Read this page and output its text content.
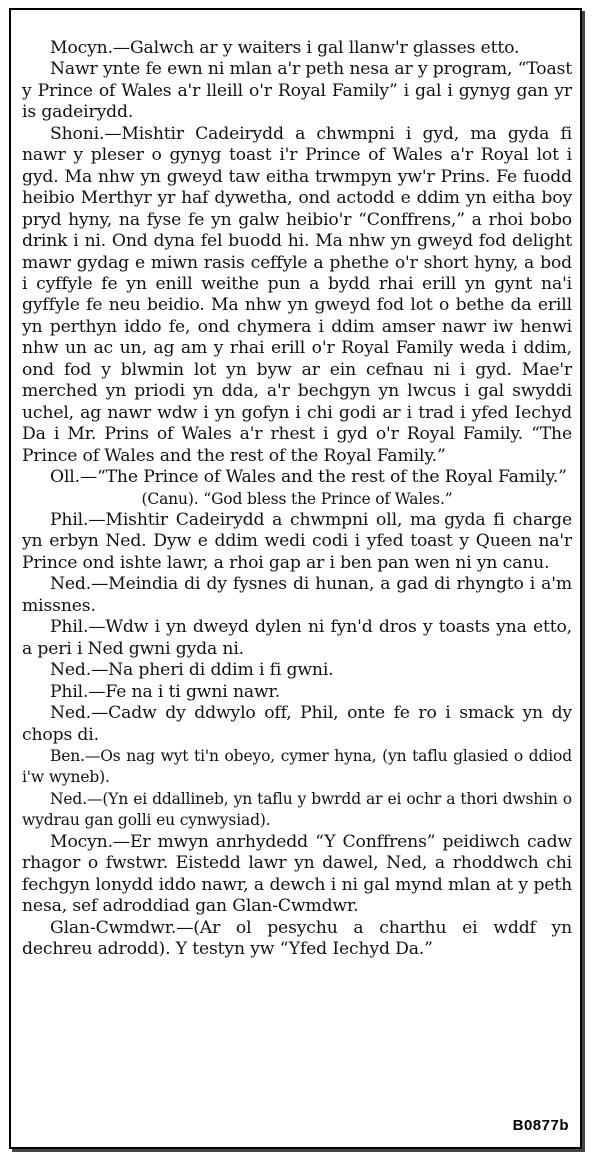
Mocyn.—Galwch ar y waiters i gal llanw'r glasses etto.

Nawr ynte fe ewn ni mlan a'r peth nesa ar y program, “Toast y Prince of Wales a'r lleill o'r Royal Family” i gal i gynyg gan yr is gadeirydd.

Shoni.—Mishtir Cadeirydd a chwmpni i gyd, ma gyda fi nawr y pleser o gynyg toast i'r Prince of Wales a'r Royal lot i gyd. Ma nhw yn gweyd taw eitha trwmpyn yw'r Prins. Fe fuodd heibio Merthyr yr haf dywetha, ond actodd e ddim yn eitha boy pryd hyny, na fyse fe yn galw heibio'r “Conffrens,” a rhoi bobo drink i ni. Ond dyna fel buodd hi. Ma nhw yn gweyd fod delight mawr gydag e miwn rasis ceffyle a phethe o'r short hyny, a bod i cyffyle fe yn enill weithe pun a bydd rhai erill yn gynt na'i gyffyle fe neu beidio. Ma nhw yn gweyd fod lot o bethe da erill yn perthyn iddo fe, ond chymera i ddim amser nawr iw henwi nhw un ac un, ag am y rhai erill o'r Royal Family weda i ddim, ond fod y blwmin lot yn byw ar ein cefnau ni i gyd. Mae'r merched yn priodi yn dda, a'r bechgyn yn lwcus i gal swyddi uchel, ag nawr wdw i yn gofyn i chi godi ar i trad i yfed Iechyd Da i Mr. Prins of Wales a'r rhest i gyd o'r Royal Family. “The Prince of Wales and the rest of the Royal Family.”

Oll.—“The Prince of Wales and the rest of the Royal Family.”

(Canu). “God bless the Prince of Wales.”

Phil.—Mishtir Cadeirydd a chwmpni oll, ma gyda fi charge yn erbyn Ned. Dyw e ddim wedi codi i yfed toast y Queen na'r Prince ond ishte lawr, a rhoi gap ar i ben pan wen ni yn canu.

Ned.—Meindia di dy fysnes di hunan, a gad di rhyngto i a'm missnes.

Phil.—Wdw i yn dweyd dylen ni fyn'd dros y toasts yna etto, a peri i Ned gwni gyda ni.

Ned.—Na pheri di ddim i fi gwni.

Phil.—Fe na i ti gwni nawr.

Ned.—Cadw dy ddwylo off, Phil, onte fe ro i smack yn dy chops di.

Ben.—Os nag wyt ti'n obeyo, cymer hyna, (yn taflu glasied o ddiod i'w wyneb).

Ned.—(Yn ei ddallineb, yn taflu y bwrdd ar ei ochr a thori dwshin o wydrau gan golli eu cynwysiad).

Mocyn.—Er mwyn anrhydedd “Y Conffrens” peidiwch cadw rhagor o fwstwr. Eistedd lawr yn dawel, Ned, a rhoddwch chi fechgyn lonydd iddo nawr, a dewch i ni gal mynd mlan at y peth nesa, sef adroddiad gan Glan-Cwmdwr.

Glan-Cwmdwr.—(Ar ol pesychu a charthu ei wddf yn dechreu adrodd). Y testyn yw “Yfed Iechyd Da.”

B0877b
